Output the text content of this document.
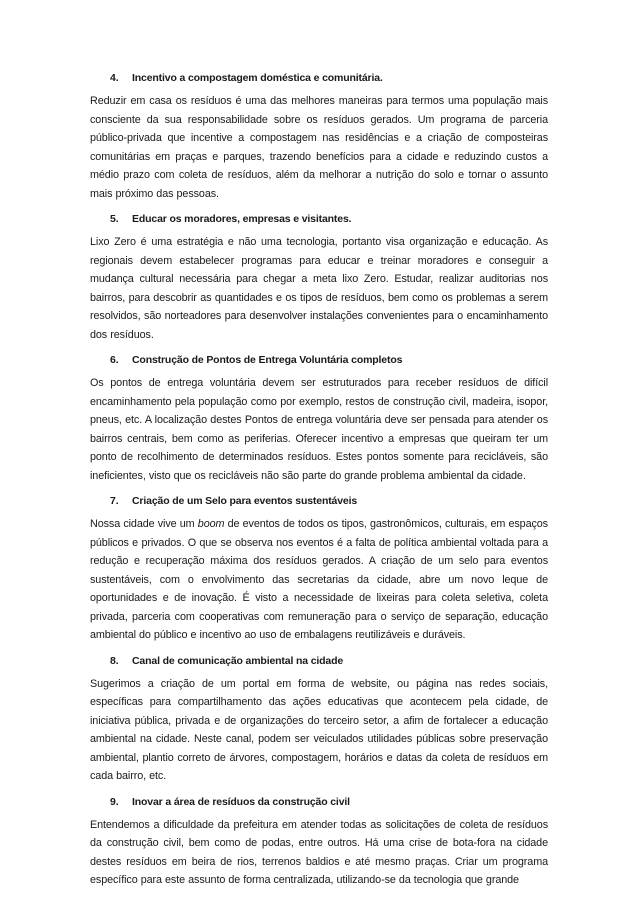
4.	Incentivo a compostagem doméstica e comunitária.

Reduzir em casa os resíduos é uma das melhores maneiras para termos uma população mais consciente da sua responsabilidade sobre os resíduos gerados. Um programa de parceria público-privada que incentive a compostagem nas residências e a criação de composteiras comunitárias em praças e parques, trazendo benefícios para a cidade e reduzindo custos a médio prazo com coleta de resíduos, além da melhorar a nutrição do solo e tornar o assunto mais próximo das pessoas.

5.	Educar os moradores, empresas e visitantes.

Lixo Zero é uma estratégia e não uma tecnologia, portanto visa organização e educação. As regionais devem estabelecer programas para educar e treinar moradores e conseguir a mudança cultural necessária para chegar a meta lixo Zero. Estudar, realizar auditorias nos bairros, para descobrir as quantidades e os tipos de resíduos, bem como os problemas a serem resolvidos, são norteadores para desenvolver instalações convenientes para o encaminhamento dos resíduos.

6.	Construção de Pontos de Entrega Voluntária completos

Os pontos de entrega voluntária devem ser estruturados para receber resíduos de difícil encaminhamento pela população como por exemplo, restos de construção civil, madeira, isopor, pneus, etc. A localização destes Pontos de entrega voluntária deve ser pensada para atender os bairros centrais, bem como as periferias. Oferecer incentivo a empresas que queiram ter um ponto de recolhimento de determinados resíduos. Estes pontos somente para recicláveis, são ineficientes, visto que os recicláveis não são parte do grande problema ambiental da cidade.

7.	Criação de um Selo para eventos sustentáveis

Nossa cidade vive um boom de eventos de todos os tipos, gastronômicos, culturais, em espaços públicos e privados. O que se observa nos eventos é a falta de política ambiental voltada para a redução e recuperação máxima dos resíduos gerados. A criação de um selo para eventos sustentáveis, com o envolvimento das secretarias da cidade, abre um novo leque de oportunidades e de inovação. É visto a necessidade de lixeiras para coleta seletiva, coleta privada, parceria com cooperativas com remuneração para o serviço de separação, educação ambiental do público e incentivo ao uso de embalagens reutilizáveis e duráveis.

8.	Canal de comunicação ambiental na cidade

Sugerimos a criação de um portal em forma de website, ou página nas redes sociais, específicas para compartilhamento das ações educativas que acontecem pela cidade, de iniciativa pública, privada e de organizações do terceiro setor, a afim de fortalecer a educação ambiental na cidade. Neste canal, podem ser veiculados utilidades públicas sobre preservação ambiental, plantio correto de árvores, compostagem, horários e datas da coleta de resíduos em cada bairro, etc.

9.	Inovar a área de resíduos da construção civil

Entendemos a dificuldade da prefeitura em atender todas as solicitações de coleta de resíduos da construção civil, bem como de podas, entre outros. Há uma crise de bota-fora na cidade destes resíduos em beira de rios, terrenos baldios e até mesmo praças. Criar um programa específico para este assunto de forma centralizada, utilizando-se da tecnologia que grande
